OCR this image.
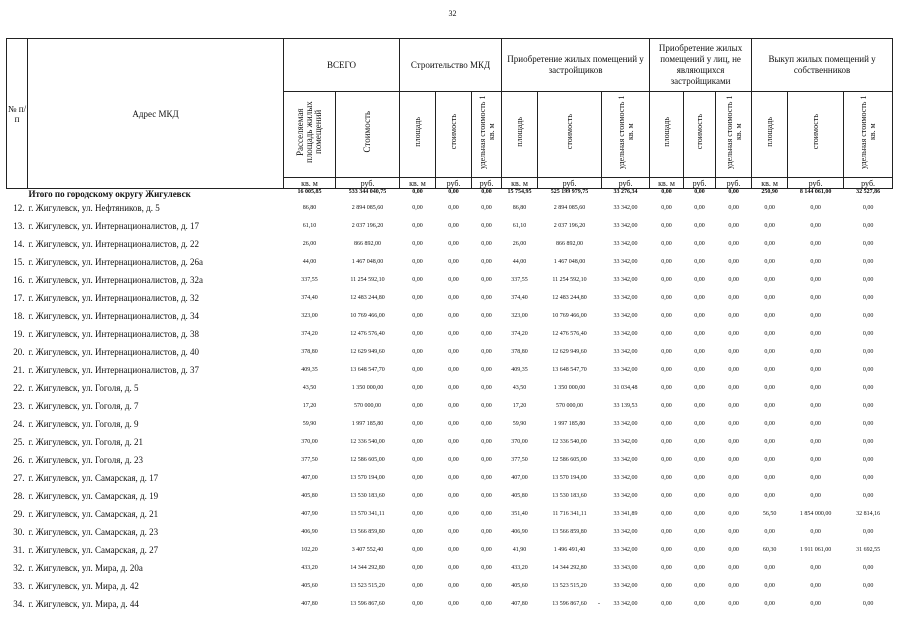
32
№ п/п	Адрес МКД	ВСЕГО		Строительство МКД			Приобретение жилых помещений у застройщиков			Приобретение жилых помещений у лиц, не являющихся застройщиками			Выкуп жилых помещений у собственников		

		Расселяемая площадь жилых помещений	Стоимость	площадь	стоимость	удельная стоимость 1 кв. м	площадь	стоимость	удельная стоимость 1 кв. м	площадь	стоимость	удельная стоимость 1 кв. м	площадь	стоимость	удельная стоимость 1 кв. м
		кв. м	руб.	кв. м	руб.	руб.	кв. м	руб.	руб.	кв. м	руб.	руб.	кв. м	руб.	руб.
Итого по городскому округу Жигулевск		16 005,85	533 344 040,75	0,00	0,00	0,00	15 754,95	525 199 979,75	33 276,34	0,00	0,00	0,00	250,90	8 144 061,00	32 527,86
12.	г. Жигулевск, ул. Нефтяников, д. 5	86,80	2 894 085,60	0,00	0,00	0,00	86,80	2 894 085,60	33 342,00	0,00	0,00	0,00	0,00	0,00	0,00
13.	г. Жигулевск, ул. Интернационалистов, д. 17	61,10	2 037 196,20	0,00	0,00	0,00	61,10	2 037 196,20	33 342,00	0,00	0,00	0,00	0,00	0,00	0,00
14.	г. Жигулевск, ул. Интернационалистов, д. 22	26,00	866 892,00	0,00	0,00	0,00	26,00	866 892,00	33 342,00	0,00	0,00	0,00	0,00	0,00	0,00
15.	г. Жигулевск, ул. Интернационалистов, д. 26а	44,00	1 467 048,00	0,00	0,00	0,00	44,00	1 467 048,00	33 342,00	0,00	0,00	0,00	0,00	0,00	0,00
16.	г. Жигулевск, ул. Интернационалистов, д. 32а	337,55	11 254 592,10	0,00	0,00	0,00	337,55	11 254 592,10	33 342,00	0,00	0,00	0,00	0,00	0,00	0,00
17.	г. Жигулевск, ул. Интернационалистов, д. 32	374,40	12 483 244,80	0,00	0,00	0,00	374,40	12 483 244,80	33 342,00	0,00	0,00	0,00	0,00	0,00	0,00
18.	г. Жигулевск, ул. Интернационалистов, д. 34	323,00	10 769 466,00	0,00	0,00	0,00	323,00	10 769 466,00	33 342,00	0,00	0,00	0,00	0,00	0,00	0,00
19.	г. Жигулевск, ул. Интернационалистов, д. 38	374,20	12 476 576,40	0,00	0,00	0,00	374,20	12 476 576,40	33 342,00	0,00	0,00	0,00	0,00	0,00	0,00
20.	г. Жигулевск, ул. Интернационалистов, д. 40	378,80	12 629 949,60	0,00	0,00	0,00	378,80	12 629 949,60	33 342,00	0,00	0,00	0,00	0,00	0,00	0,00
21.	г. Жигулевск, ул. Интернационалистов, д. 37	409,35	13 648 547,70	0,00	0,00	0,00	409,35	13 648 547,70	33 342,00	0,00	0,00	0,00	0,00	0,00	0,00
22.	г. Жигулевск, ул. Гоголя, д. 5	43,50	1 350 000,00	0,00	0,00	0,00	43,50	1 350 000,00	31 034,48	0,00	0,00	0,00	0,00	0,00	0,00
23.	г. Жигулевск, ул. Гоголя, д. 7	17,20	570 000,00	0,00	0,00	0,00	17,20	570 000,00	33 139,53	0,00	0,00	0,00	0,00	0,00	0,00
24.	г. Жигулевск, ул. Гоголя, д. 9	59,90	1 997 185,80	0,00	0,00	0,00	59,90	1 997 185,80	33 342,00	0,00	0,00	0,00	0,00	0,00	0,00
25.	г. Жигулевск, ул. Гоголя, д. 21	370,00	12 336 540,00	0,00	0,00	0,00	370,00	12 336 540,00	33 342,00	0,00	0,00	0,00	0,00	0,00	0,00
26.	г. Жигулевск, ул. Гоголя, д. 23	377,50	12 586 605,00	0,00	0,00	0,00	377,50	12 586 605,00	33 342,00	0,00	0,00	0,00	0,00	0,00	0,00
27.	г. Жигулевск, ул. Самарская, д. 17	407,00	13 570 194,00	0,00	0,00	0,00	407,00	13 570 194,00	33 342,00	0,00	0,00	0,00	0,00	0,00	0,00
28.	г. Жигулевск, ул. Самарская, д. 19	405,80	13 530 183,60	0,00	0,00	0,00	405,80	13 530 183,60	33 342,00	0,00	0,00	0,00	0,00	0,00	0,00
29.	г. Жигулевск, ул. Самарская, д. 21	407,90	13 570 341,11	0,00	0,00	0,00	351,40	11 716 341,11	33 341,89	0,00	0,00	0,00	56,50	1 854 000,00	32 814,16
30.	г. Жигулевск, ул. Самарская, д. 23	406,90	13 566 859,80	0,00	0,00	0,00	406,90	13 566 859,80	33 342,00	0,00	0,00	0,00	0,00	0,00	0,00
31.	г. Жигулевск, ул. Самарская, д. 27	102,20	3 407 552,40	0,00	0,00	0,00	41,90	1 496 491,40	33 342,00	0,00	0,00	0,00	60,30	1 911 061,00	31 692,55
32.	г. Жигулевск, ул. Мира, д. 20а	433,20	14 344 292,80	0,00	0,00	0,00	433,20	14 344 292,80	33 343,00	0,00	0,00	0,00	0,00	0,00	0,00
33.	г. Жигулевск, ул. Мира, д. 42	405,60	13 523 515,20	0,00	0,00	0,00	405,60	13 523 515,20	33 342,00	0,00	0,00	0,00	0,00	0,00	0,00
34.	г. Жигулевск, ул. Мира, д. 44	407,80	13 596 867,60	0,00	0,00	0,00	407,80	13 596 867,60	33 342,00	0,00	0,00	0,00	0,00	0,00	0,00
